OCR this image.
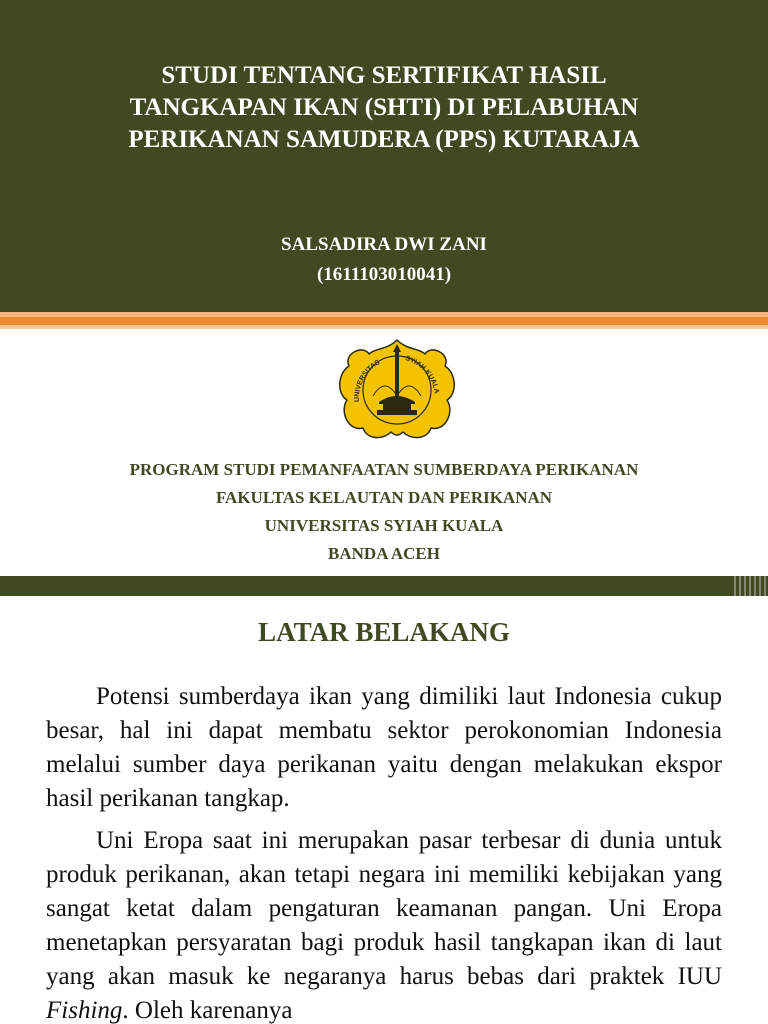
STUDI TENTANG SERTIFIKAT HASIL
TANGKAPAN IKAN (SHTI) DI PELABUHAN
PERIKANAN SAMUDERA (PPS) KUTARAJA
SALSADIRA DWI ZANI
(1611103010041)
UNIVERSITAS	SYIAH KUALA
PROGRAM STUDI PEMANFAATAN SUMBERDAYA PERIKANAN
FAKULTAS KELAUTAN DAN PERIKANAN
UNIVERSITAS SYIAH KUALA
BANDA ACEH
LATAR BELAKANG

Potensi sumberdaya ikan yang dimiliki laut Indonesia cukup besar, hal ini dapat membatu sektor perokonomian Indonesia melalui sumber daya perikanan yaitu dengan melakukan ekspor hasil perikanan tangkap.

Uni Eropa saat ini merupakan pasar terbesar di dunia untuk produk perikanan, akan tetapi negara ini memiliki kebijakan yang sangat ketat dalam pengaturan keamanan pangan. Uni Eropa menetapkan persyaratan bagi produk hasil tangkapan ikan di laut yang akan masuk ke negaranya harus bebas dari praktek IUU Fishing. Oleh karenanya
